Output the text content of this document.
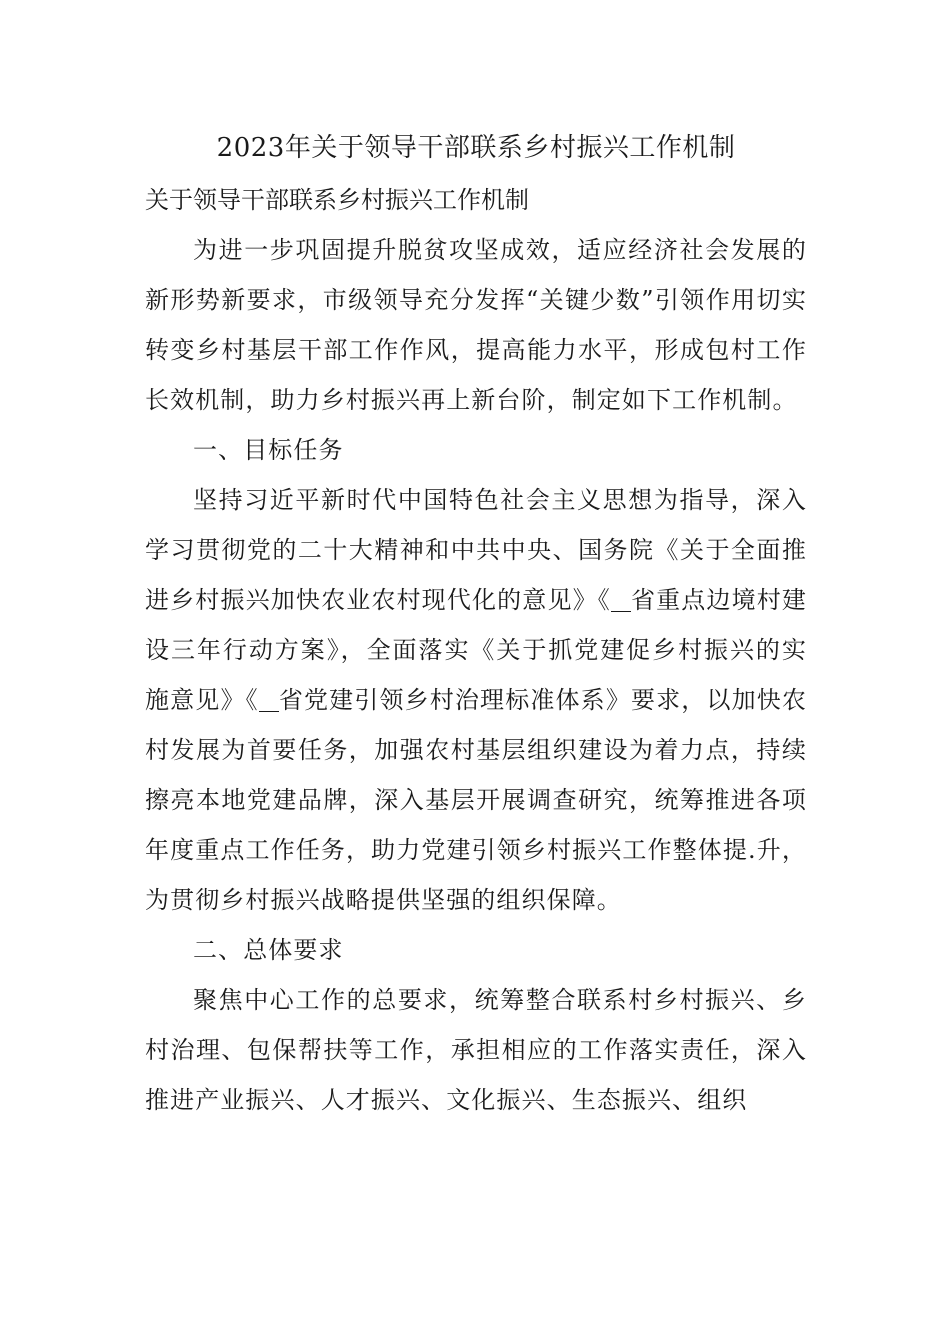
2023年关于领导干部联系乡村振兴工作机制
关于领导干部联系乡村振兴工作机制

为进一步巩固提升脱贫攻坚成效，适应经济社会发展的新形势新要求，市级领导充分发挥“关键少数”引领作用切实转变乡村基层干部工作作风，提高能力水平，形成包村工作长效机制，助力乡村振兴再上新台阶，制定如下工作机制。

一、目标任务

坚持习近平新时代中国特色社会主义思想为指导，深入学习贯彻党的二十大精神和中共中央、国务院《关于全面推进乡村振兴加快农业农村现代化的意见》《 省重点边境村建设三年行动方案》，全面落实《关于抓党建促乡村振兴的实施意见》《 省党建引领乡村治理标准体系》要求，以加快农村发展为首要任务，加强农村基层组织建设为着力点，持续擦亮本地党建品牌，深入基层开展调查研究，统筹推进各项年度重点工作任务，助力党建引领乡村振兴工作整体提.升，为贯彻乡村振兴战略提供坚强的组织保障。

二、总体要求

聚焦中心工作的总要求，统筹整合联系村乡村振兴、乡村治理、包保帮扶等工作，承担相应的工作落实责任，深入推进产业振兴、人才振兴、文化振兴、生态振兴、组织
